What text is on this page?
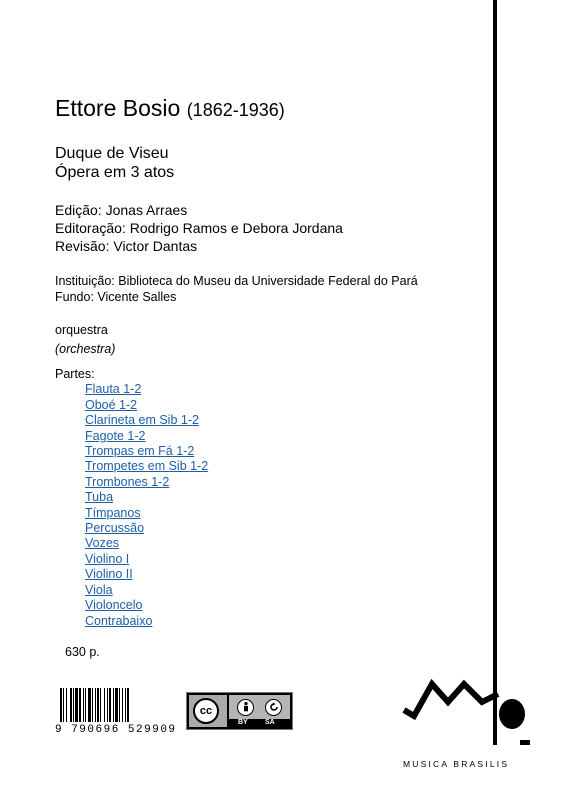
Ettore Bosio (1862-1936)
Duque de Viseu
Ópera em 3 atos
Edição: Jonas Arraes
Editoração: Rodrigo Ramos e Debora Jordana
Revisão: Victor Dantas
Instituição: Biblioteca do Museu da Universidade Federal do Pará
Fundo: Vicente Salles
orquestra
(orchestra)
Partes:
Flauta 1-2
Oboé 1-2
Clarineta em Sib 1-2
Fagote 1-2
Trompas em Fá 1-2
Trompetes em Sib 1-2
Trombones 1-2
Tuba
Tímpanos
Percussão
Vozes
Violino I
Violino II
Viola
Violoncelo
Contrabaixo
630 p.
9 790696 529909
cc
BY SA
MUSICA BRASILIS
